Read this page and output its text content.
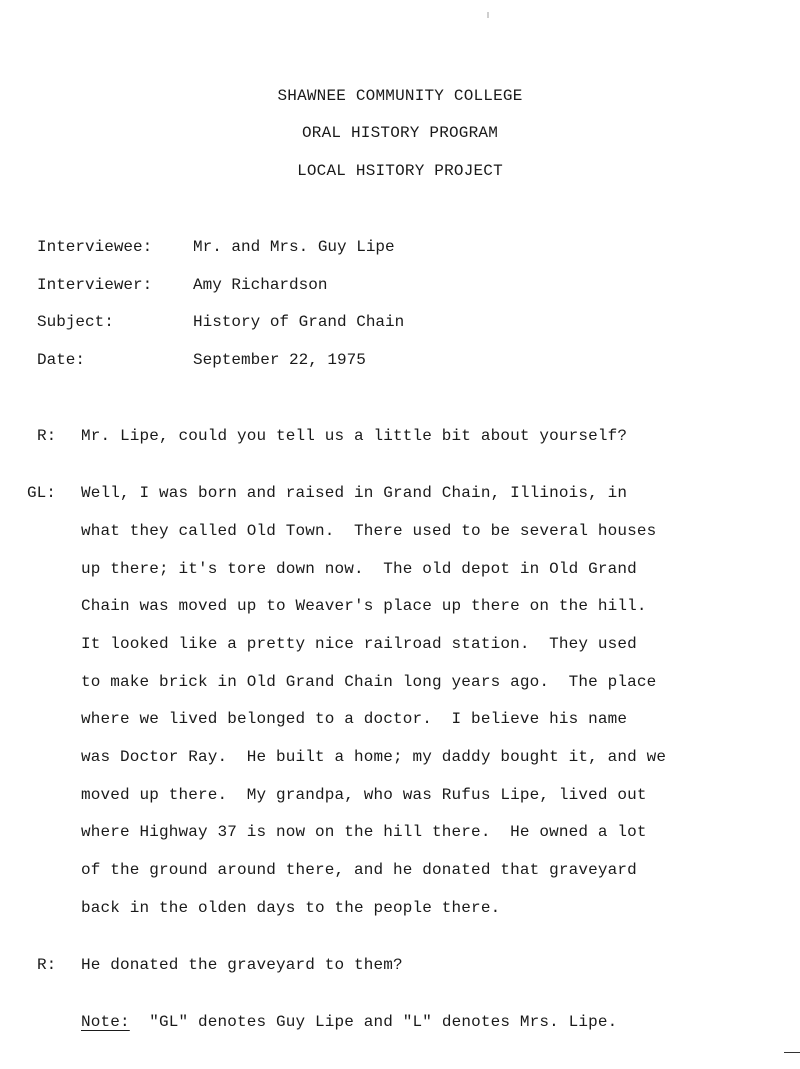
SHAWNEE COMMUNITY COLLEGE
ORAL HISTORY PROGRAM
LOCAL HSITORY PROJECT
Interviewee:	Mr. and Mrs. Guy Lipe
Interviewer:	Amy Richardson
Subject:	History of Grand Chain
Date:	September 22, 1975
R: Mr. Lipe, could you tell us a little bit about yourself?
GL: Well, I was born and raised in Grand Chain, Illinois, in
what they called Old Town.  There used to be several houses
up there; it's tore down now.  The old depot in Old Grand
Chain was moved up to Weaver's place up there on the hill.
It looked like a pretty nice railroad station.  They used
to make brick in Old Grand Chain long years ago.  The place
where we lived belonged to a doctor.  I believe his name
was Doctor Ray.  He built a home; my daddy bought it, and we
moved up there.  My grandpa, who was Rufus Lipe, lived out
where Highway 37 is now on the hill there.  He owned a lot
of the ground around there, and he donated that graveyard
back in the olden days to the people there.
R: He donated the graveyard to them?
Note:  "GL" denotes Guy Lipe and "L" denotes Mrs. Lipe.
